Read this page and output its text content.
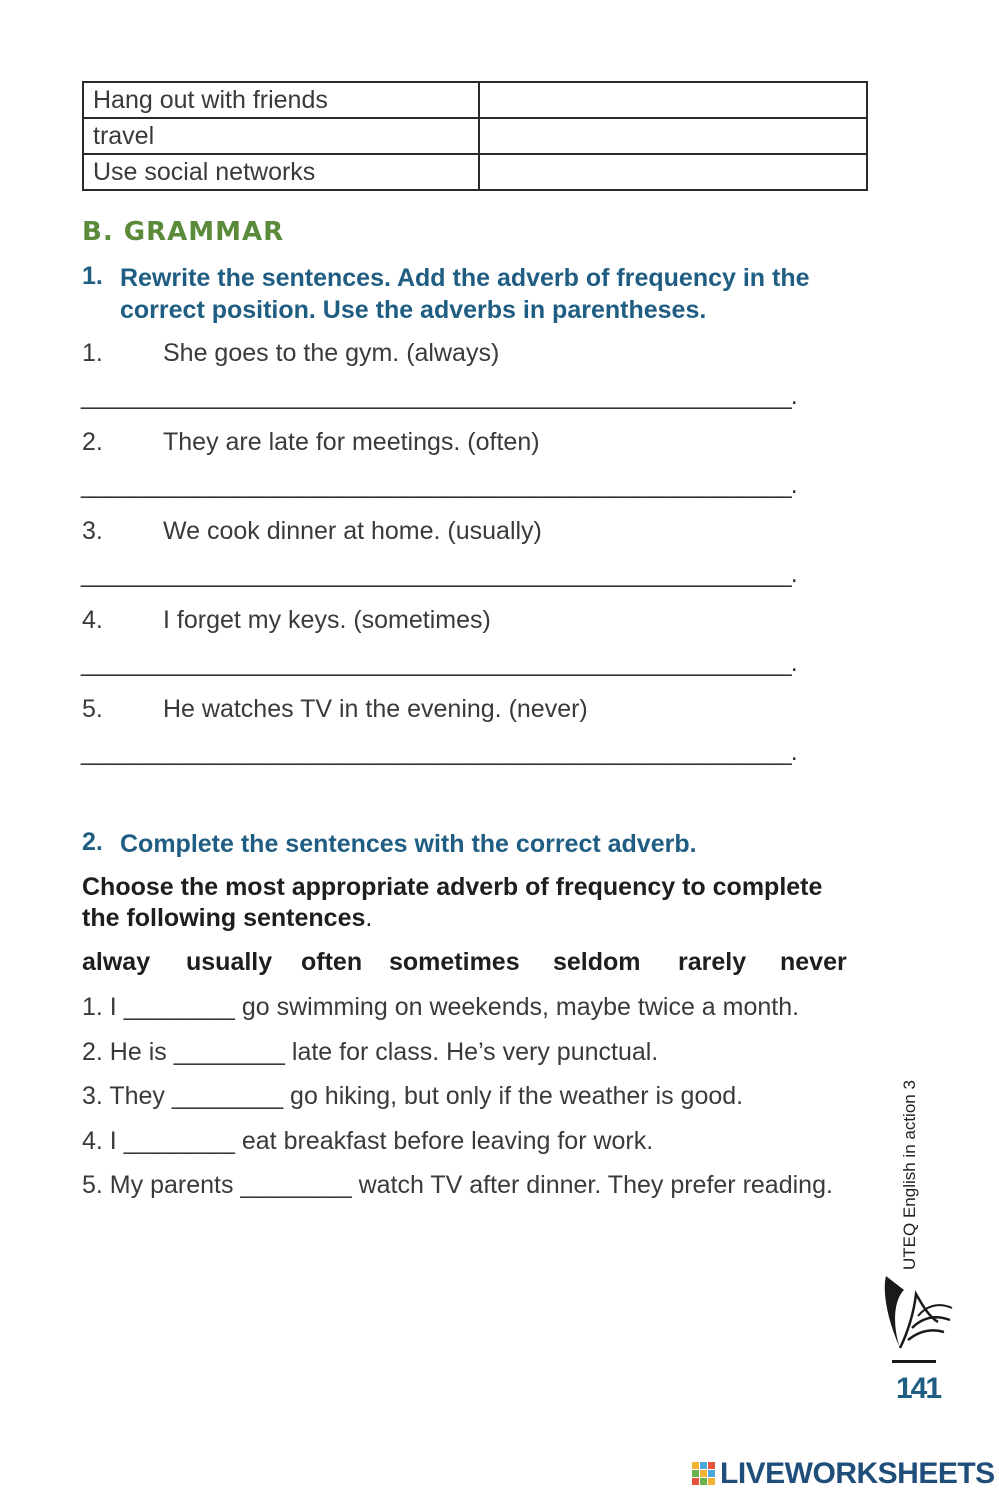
Hang out with friends	
travel	
Use social networks	
B. GRAMMAR
1. Rewrite the sentences. Add the adverb of frequency in the
correct position. Use the adverbs in parentheses.
1. She goes to the gym. (always)
_______________________________________________________.
2. They are late for meetings. (often)
_______________________________________________________.
3. We cook dinner at home. (usually)
_______________________________________________________.
4. I forget my keys. (sometimes)
_______________________________________________________.
5. He watches TV in the evening. (never)
_______________________________________________________.
2. Complete the sentences with the correct adverb.
Choose the most appropriate adverb of frequency to complete
the following sentences.
alway usually often sometimes seldom rarely never
1. I ________ go swimming on weekends, maybe twice a month.
2. He is ________ late for class. He’s very punctual.
3. They ________ go hiking, but only if the weather is good.
4. I ________ eat breakfast before leaving for work.
5. My parents ________ watch TV after dinner. They prefer reading.	UTEQ English in action 3
141
LIVEWORKSHEETS
